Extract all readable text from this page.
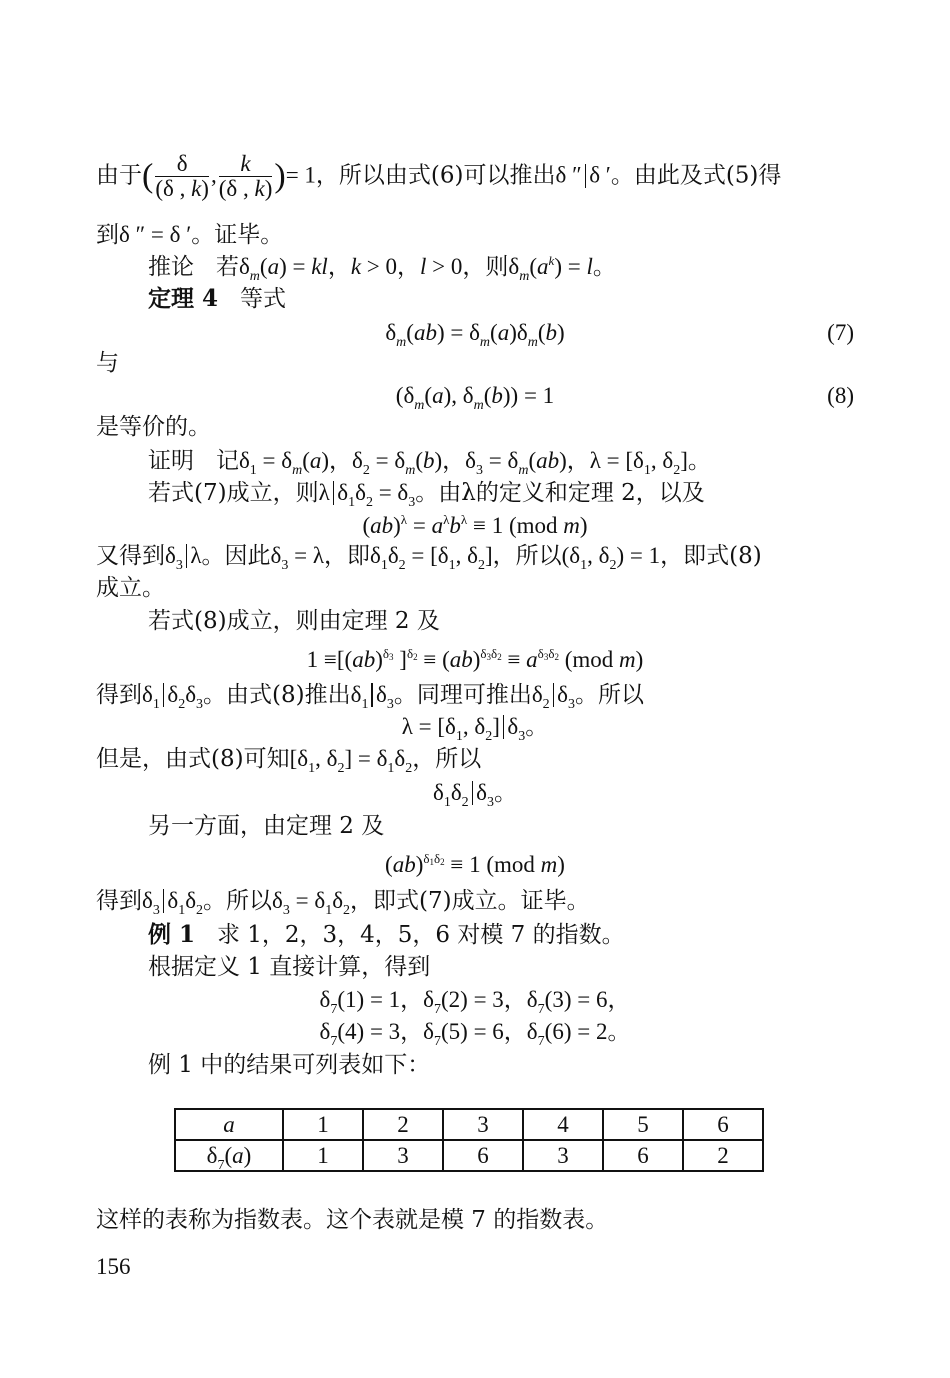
由于( $\frac{\delta}{(\delta , k)}$ , $\frac{k}{(\delta , k)}$ )= 1，所以由式(6)可以推出δ ″ δ ′。由此及式(5)得
到δ ″ = δ ′。证毕。
推论 若$\delta_m(a)$ = kl，k > 0，l > 0，则$\delta_m(a^k) = l$。
定理 4 等式
$\delta_m(ab) = \delta_m(a)\delta_m(b)$	(7)
与
($\delta_m(a)$, $\delta_m(b)) = 1$	(8)
是等价的。
证明 记$\delta_1 = \delta_m(a)$，$\delta_2 = \delta_m(b)$，$\delta_3 = \delta_m(ab)$，$\lambda = [\delta_1$, $\delta_2$]。
若式(7)成立，则λ $\delta_1\delta_2 = \delta_3$。由λ的定义和定理 2，以及
$(ab)^\lambda = a^\lambda b^\lambda \equiv 1$ (mod m)
又得到$\delta_3$ λ。因此$\delta_3 = \lambda$，即$\delta_1\delta_2 = [\delta_1$, $\delta_2$]，所以($\delta_1$, $\delta_2) = 1$，即式(8)
成立。
若式(8)成立，则由定理 2 及
1 ≡[(ab)$^{\delta_3}$ ]$^{\delta_2} \equiv (ab)^{\delta_3\delta_2} \equiv a^{\delta_3\delta_2}$ (mod m)
得到$\delta_1$ $\delta_2\delta_3$。由式(8)推出$\delta_1$ $\delta_3$。同理可推出$\delta_2$ $\delta_3$。所以
$\lambda = [\delta_1$, $\delta_2$] $\delta_3$。
但是，由式(8)可知[$\delta_1$, $\delta_2] = \delta_1\delta_2$，所以
$\delta_1\delta_2$ $\delta_3$。
另一方面，由定理 2 及
(ab)$^{\delta_1\delta_2}$ ≡ 1 (mod m)
得到$\delta_3$ $\delta_1\delta_2$。所以$\delta_3 = \delta_1\delta_2$，即式(7)成立。证毕。
例 1 求 1，2，3，4，5，6 对模 7 的指数。
根据定义 1 直接计算，得到
$\delta_7(1) = 1$，$\delta_7(2) = 3$，$\delta_7(3) = 6$，
$\delta_7(4) = 3$，$\delta_7(5) = 6$，$\delta_7(6) = 2$。
例 1 中的结果可列表如下：
a	1	2	3	4	5	6
$\delta_7(a)$	1	3	6	3	6	2
这样的表称为指数表。这个表就是模 7 的指数表。
156
